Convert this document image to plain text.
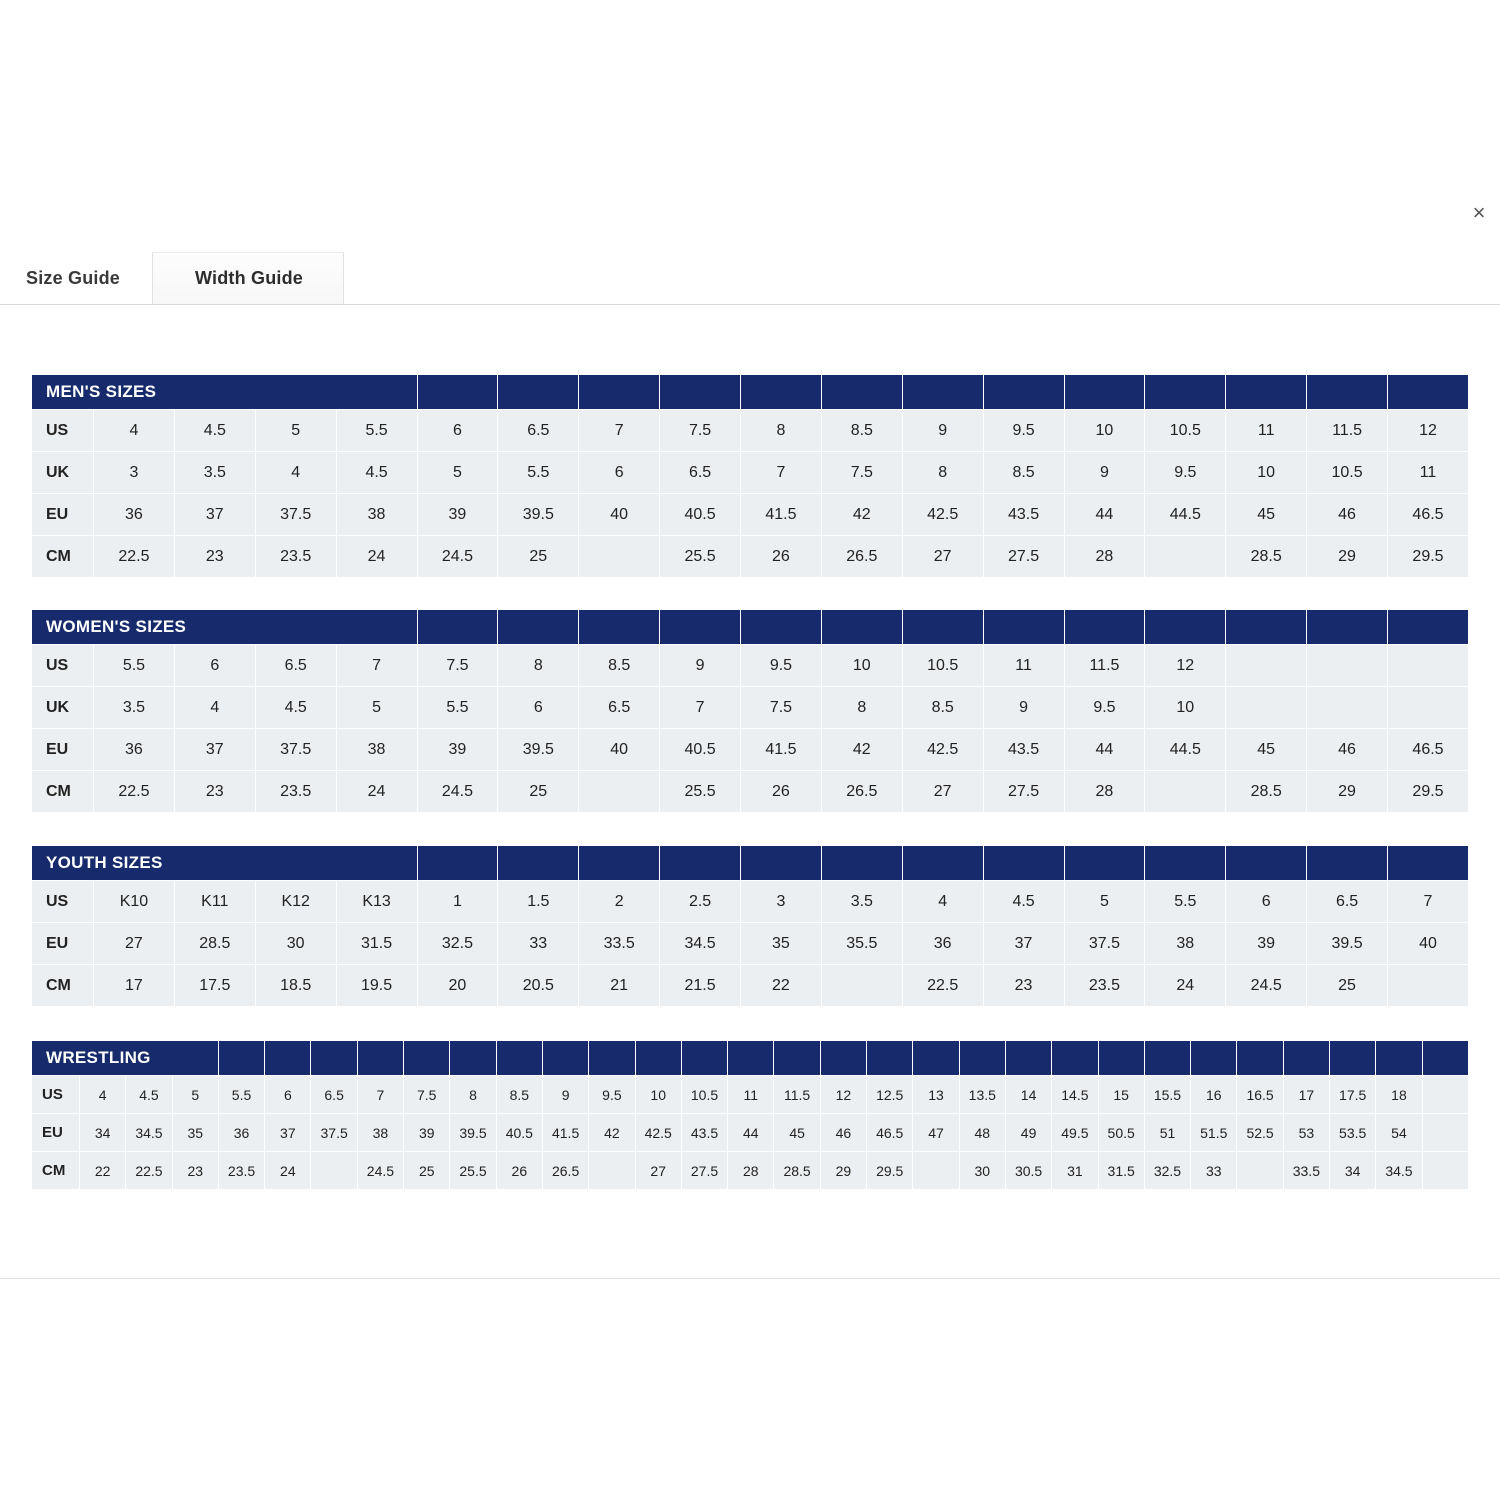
×
Size Guide	Width Guide
MEN'S SIZES																	
US	4	4.5	5	5.5	6	6.5	7	7.5	8	8.5	9	9.5	10	10.5	11	11.5	12
UK	3	3.5	4	4.5	5	5.5	6	6.5	7	7.5	8	8.5	9	9.5	10	10.5	11
EU	36	37	37.5	38	39	39.5	40	40.5	41.5	42	42.5	43.5	44	44.5	45	46	46.5
CM	22.5	23	23.5	24	24.5	25		25.5	26	26.5	27	27.5	28		28.5	29	29.5
WOMEN'S SIZES																	
US	5.5	6	6.5	7	7.5	8	8.5	9	9.5	10	10.5	11	11.5	12			
UK	3.5	4	4.5	5	5.5	6	6.5	7	7.5	8	8.5	9	9.5	10			
EU	36	37	37.5	38	39	39.5	40	40.5	41.5	42	42.5	43.5	44	44.5	45	46	46.5
CM	22.5	23	23.5	24	24.5	25		25.5	26	26.5	27	27.5	28		28.5	29	29.5
YOUTH SIZES																	
US	K10	K11	K12	K13	1	1.5	2	2.5	3	3.5	4	4.5	5	5.5	6	6.5	7
EU	27	28.5	30	31.5	32.5	33	33.5	34.5	35	35.5	36	37	37.5	38	39	39.5	40
CM	17	17.5	18.5	19.5	20	20.5	21	21.5	22		22.5	23	23.5	24	24.5	25	
WRESTLING																														
US	4	4.5	5	5.5	6	6.5	7	7.5	8	8.5	9	9.5	10	10.5	11	11.5	12	12.5	13	13.5	14	14.5	15	15.5	16	16.5	17	17.5	18	
EU	34	34.5	35	36	37	37.5	38	39	39.5	40.5	41.5	42	42.5	43.5	44	45	46	46.5	47	48	49	49.5	50.5	51	51.5	52.5	53	53.5	54	
CM	22	22.5	23	23.5	24		24.5	25	25.5	26	26.5		27	27.5	28	28.5	29	29.5		30	30.5	31	31.5	32.5	33		33.5	34	34.5	
